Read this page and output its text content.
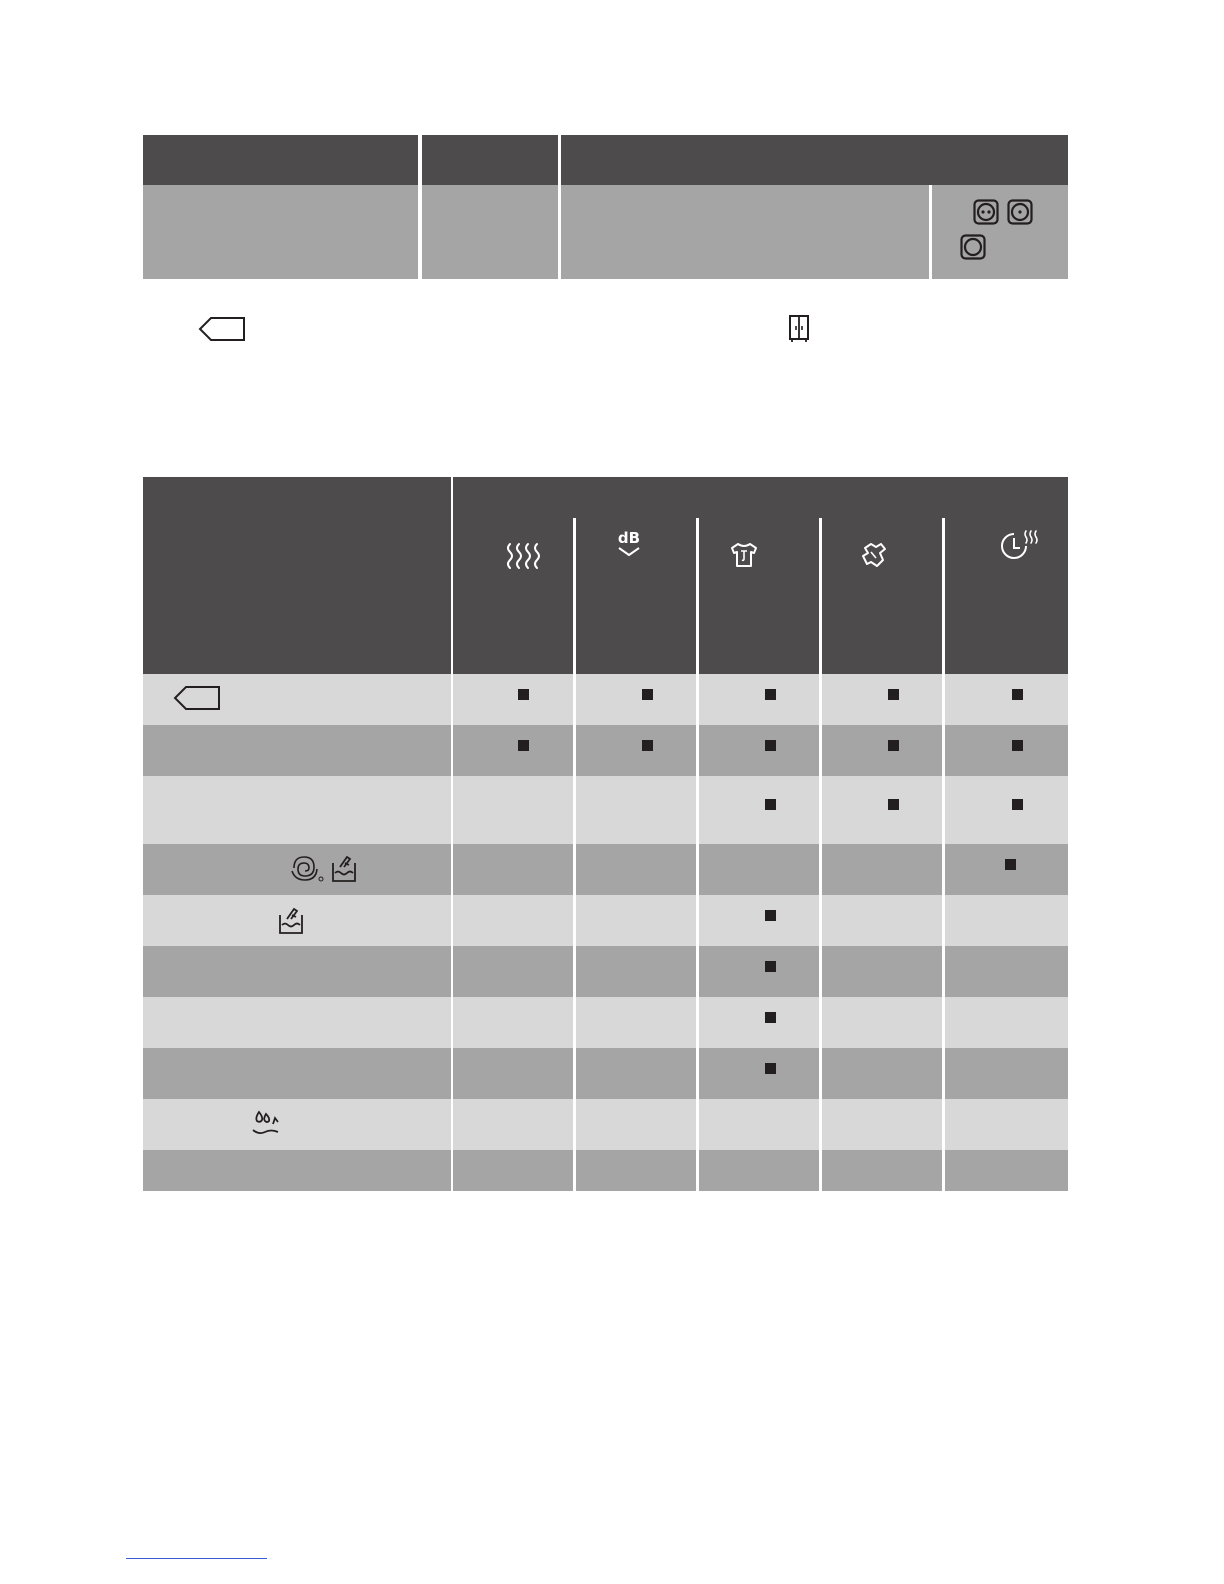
dB
